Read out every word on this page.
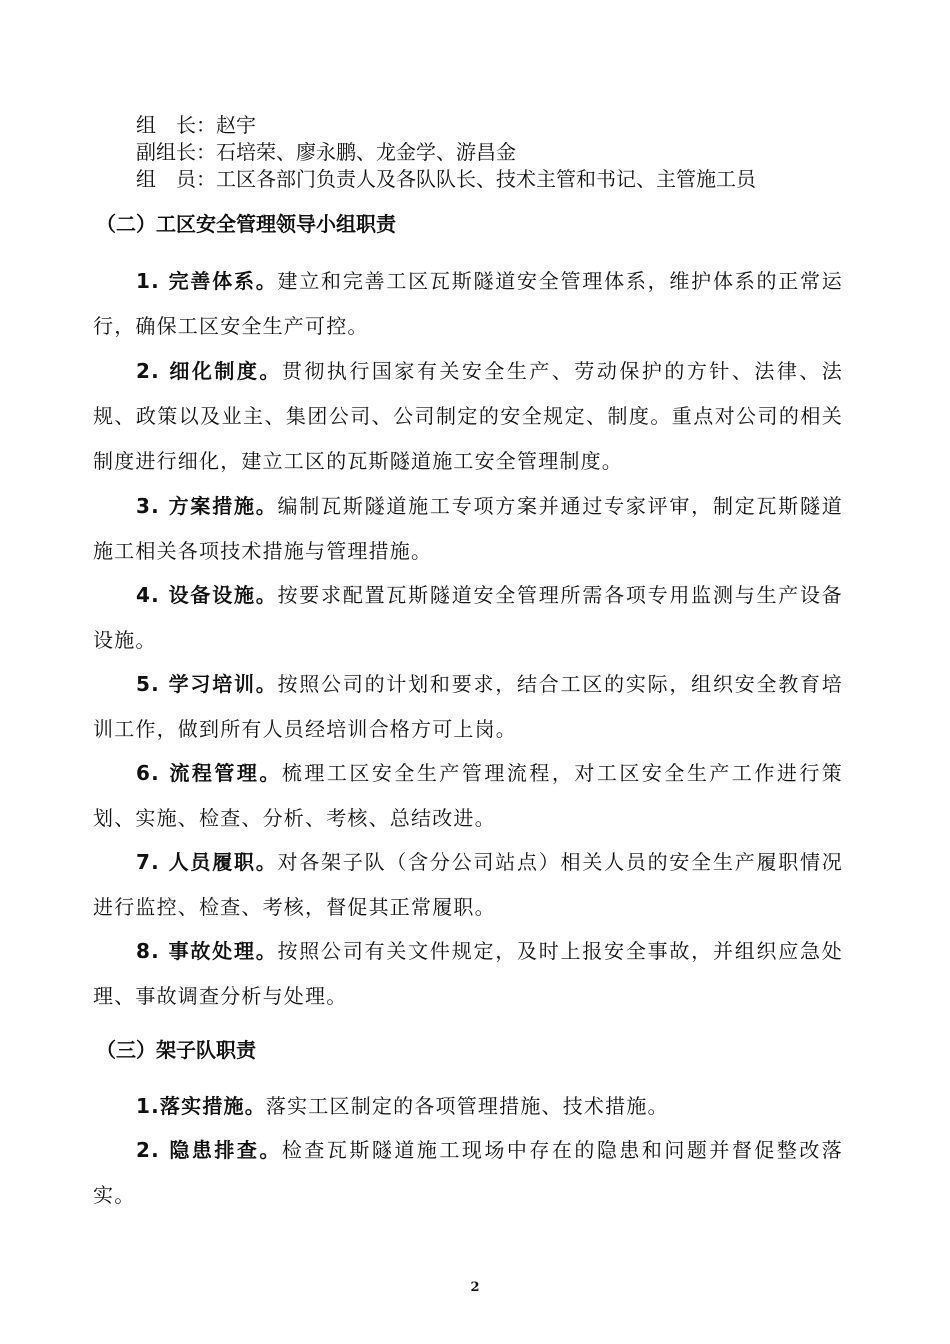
组　长：赵宇
副组长：石培荣、廖永鹏、龙金学、游昌金
组　员：工区各部门负责人及各队队长、技术主管和书记、主管施工员
（二）工区安全管理领导小组职责
1. 完善体系。建立和完善工区瓦斯隧道安全管理体系，维护体系的正常运行，确保工区安全生产可控。
2. 细化制度。贯彻执行国家有关安全生产、劳动保护的方针、法律、法规、政策以及业主、集团公司、公司制定的安全规定、制度。重点对公司的相关制度进行细化，建立工区的瓦斯隧道施工安全管理制度。
3. 方案措施。编制瓦斯隧道施工专项方案并通过专家评审，制定瓦斯隧道施工相关各项技术措施与管理措施。
4. 设备设施。按要求配置瓦斯隧道安全管理所需各项专用监测与生产设备设施。
5. 学习培训。按照公司的计划和要求，结合工区的实际，组织安全教育培训工作，做到所有人员经培训合格方可上岗。
6. 流程管理。梳理工区安全生产管理流程，对工区安全生产工作进行策划、实施、检查、分析、考核、总结改进。
7. 人员履职。对各架子队（含分公司站点）相关人员的安全生产履职情况进行监控、检查、考核，督促其正常履职。
8. 事故处理。按照公司有关文件规定，及时上报安全事故，并组织应急处理、事故调查分析与处理。
（三）架子队职责
1.落实措施。落实工区制定的各项管理措施、技术措施。
2. 隐患排查。检查瓦斯隧道施工现场中存在的隐患和问题并督促整改落实。
2
